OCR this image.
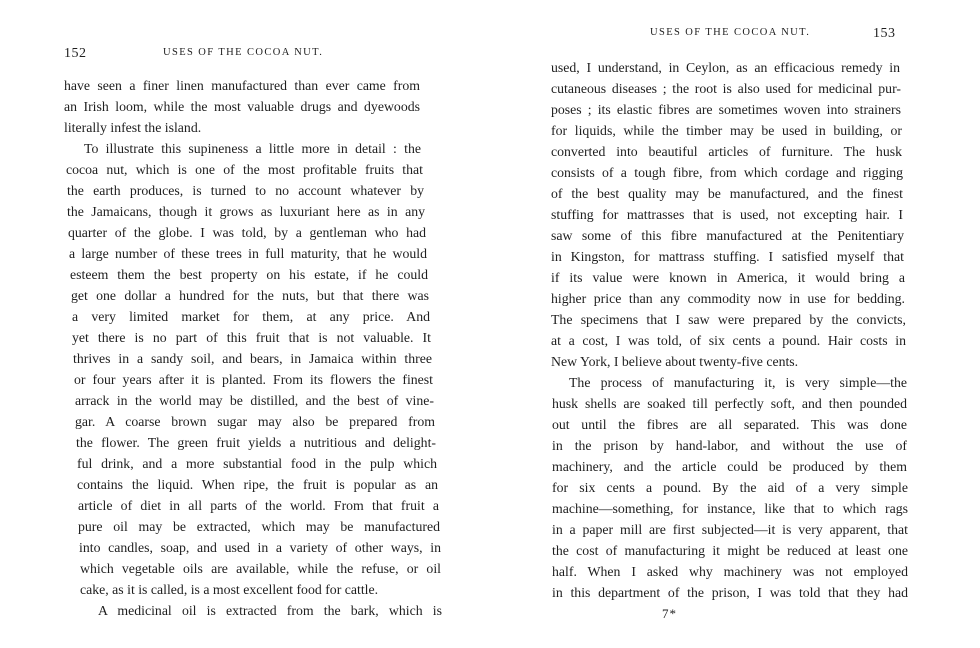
152	USES OF THE COCOA NUT.
have seen a finer linen manufactured than ever came from
an Irish loom, while the most valuable drugs and dyewoods
literally infest the island.
To illustrate this supineness a little more in detail : the
cocoa nut, which is one of the most profitable fruits that
the earth produces, is turned to no account whatever by
the Jamaicans, though it grows as luxuriant here as in any
quarter of the globe. I was told, by a gentleman who had
a large number of these trees in full maturity, that he would
esteem them the best property on his estate, if he could
get one dollar a hundred for the nuts, but that there was
a very limited market for them, at any price. And
yet there is no part of this fruit that is not valuable. It
thrives in a sandy soil, and bears, in Jamaica within three
or four years after it is planted. From its flowers the finest
arrack in the world may be distilled, and the best of vine-
gar. A coarse brown sugar may also be prepared from
the flower. The green fruit yields a nutritious and delight-
ful drink, and a more substantial food in the pulp which
contains the liquid. When ripe, the fruit is popular as an
article of diet in all parts of the world. From that fruit a
pure oil may be extracted, which may be manufactured
into candles, soap, and used in a variety of other ways, in
which vegetable oils are available, while the refuse, or oil
cake, as it is called, is a most excellent food for cattle.
A medicinal oil is extracted from the bark, which is
USES OF THE COCOA NUT.	153
used, I understand, in Ceylon, as an efficacious remedy in
cutaneous diseases ; the root is also used for medicinal pur-
poses ; its elastic fibres are sometimes woven into strainers
for liquids, while the timber may be used in building, or
converted into beautiful articles of furniture. The husk
consists of a tough fibre, from which cordage and rigging
of the best quality may be manufactured, and the finest
stuffing for mattrasses that is used, not excepting hair. I
saw some of this fibre manufactured at the Penitentiary
in Kingston, for mattrass stuffing. I satisfied myself that
if its value were known in America, it would bring a
higher price than any commodity now in use for bedding.
The specimens that I saw were prepared by the convicts,
at a cost, I was told, of six cents a pound. Hair costs in
New York, I believe about twenty-five cents.
The process of manufacturing it, is very simple—the
husk shells are soaked till perfectly soft, and then pounded
out until the fibres are all separated. This was done
in the prison by hand-labor, and without the use of
machinery, and the article could be produced by them
for six cents a pound. By the aid of a very simple
machine—something, for instance, like that to which rags
in a paper mill are first subjected—it is very apparent, that
the cost of manufacturing it might be reduced at least one
half. When I asked why machinery was not employed
in this department of the prison, I was told that they had
7*
